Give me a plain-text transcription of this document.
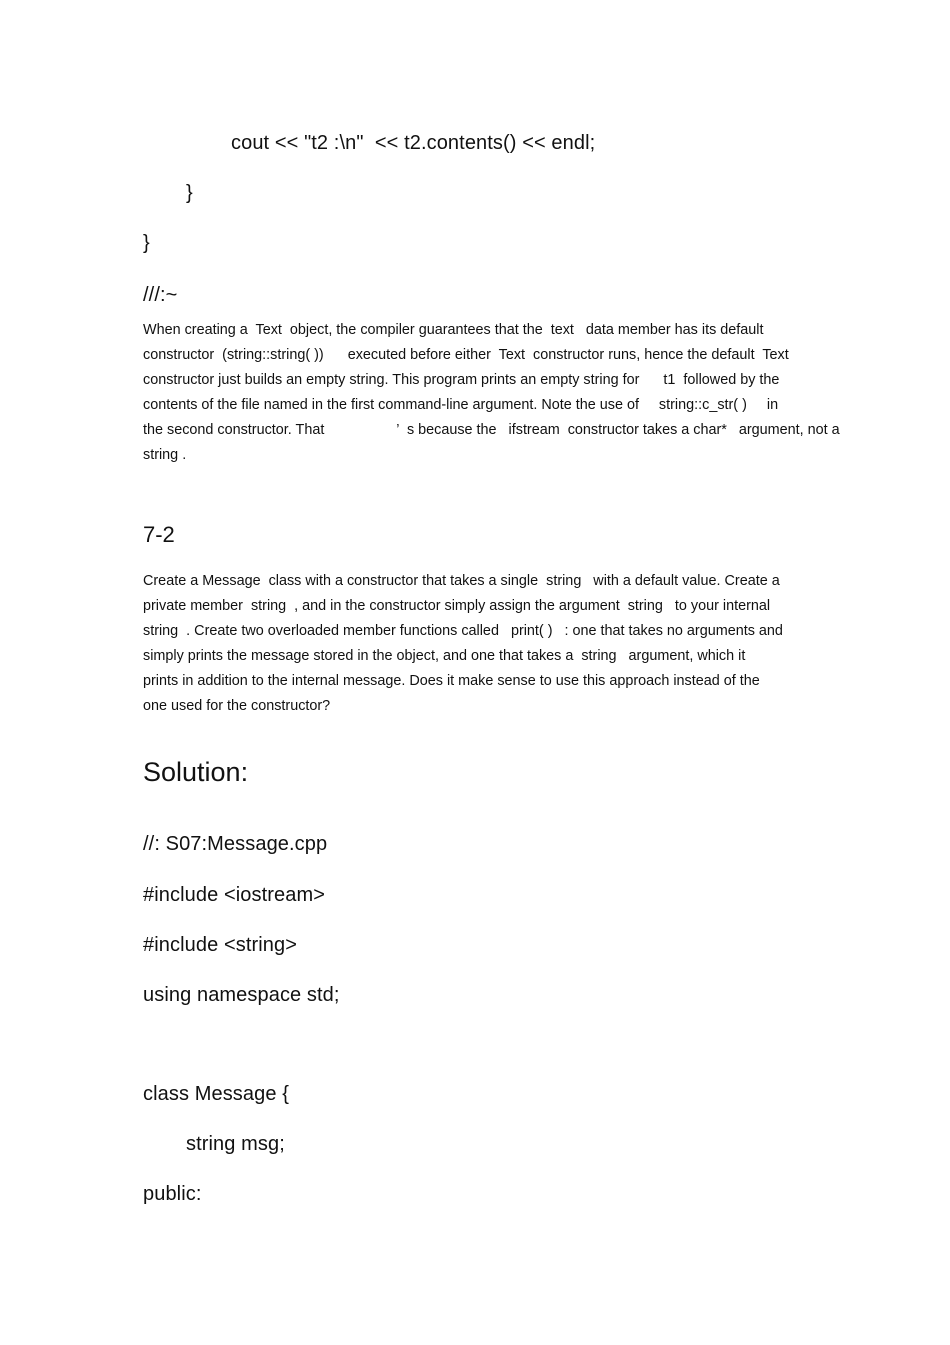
cout << "t2 :\n"  << t2.contents() << endl;
}
}
///:~
When creating a  Text  object, the compiler guarantees that the  text   data member has its default
constructor  (string::string( ))      executed before either  Text  constructor runs, hence the default  Text
constructor just builds an empty string. This program prints an empty string for      t1  followed by the
contents of the file named in the first command-line argument. Note the use of     string::c_str( )     in
the second constructor. That                  ’  s because the   ifstream  constructor takes a char*   argument, not a
string .
7-2
Create a Message  class with a constructor that takes a single  string   with a default value. Create a
private member  string  , and in the constructor simply assign the argument  string   to your internal
string  . Create two overloaded member functions called   print( )   : one that takes no arguments and
simply prints the message stored in the object, and one that takes a  string   argument, which it
prints in addition to the internal message. Does it make sense to use this approach instead of the
one used for the constructor?
Solution:
//: S07:Message.cpp
#include <iostream>
#include <string>
using namespace std;
class Message {
string msg;
public:
